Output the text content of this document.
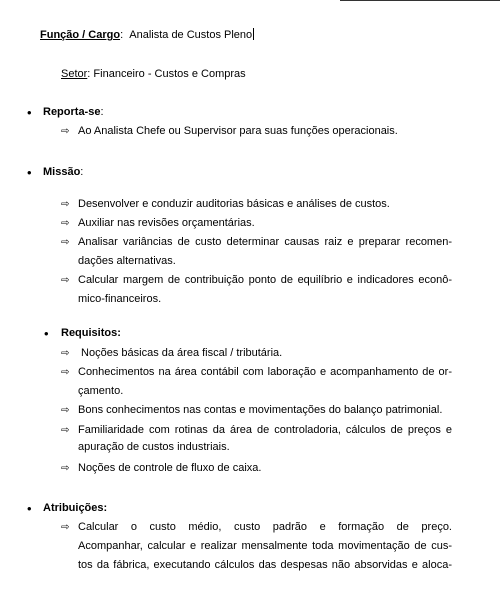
Função / Cargo: Analista de Custos Pleno
Setor: Financeiro - Custos e Compras
• Reporta-se:
⇨ Ao Analista Chefe ou Supervisor para suas funções operacionais.
• Missão:
⇨ Desenvolver e conduzir auditorias básicas e análises de custos.
⇨ Auxiliar nas revisões orçamentárias.
⇨ Analisar variâncias de custo determinar causas raiz e preparar recomen-
dações alternativas.
⇨ Calcular margem de contribuição ponto de equilíbrio e indicadores econô-
mico-financeiros.
• Requisitos:
⇨ Noções básicas da área fiscal / tributária.
⇨ Conhecimentos na área contábil com laboração e acompanhamento de or-
çamento.
⇨ Bons conhecimentos nas contas e movimentações do balanço patrimonial.
⇨ Familiaridade com rotinas da área de controladoria, cálculos de preços e
apuração de custos industriais.
⇨ Noções de controle de fluxo de caixa.
• Atribuições:
⇨ Calcular o custo médio, custo padrão e formação de preço.
Acompanhar, calcular e realizar mensalmente toda movimentação de cus-
tos da fábrica, executando cálculos das despesas não absorvidas e aloca-
